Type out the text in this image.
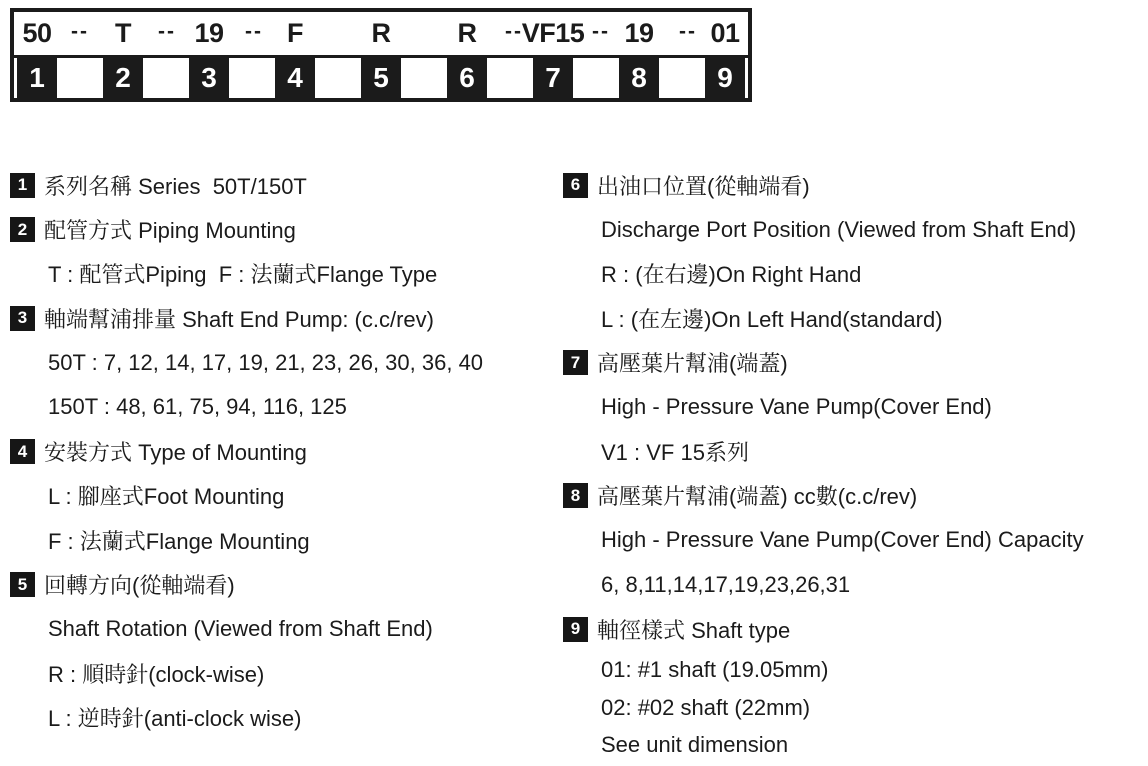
50	T	19	F	R	R	VF15 19 01
--	--	--	--	--	--
1	2	3	4	5	6	7	8	9
1 系列名稱 Series  50T/150T
2 配管方式 Piping Mounting
T : 配管式Piping  F : 法蘭式Flange Type
3 軸端幫浦排量 Shaft End Pump: (c.c/rev)
50T : 7, 12, 14, 17, 19, 21, 23, 26, 30, 36, 40
150T : 48, 61, 75, 94, 116, 125
4 安裝方式 Type of Mounting
L : 腳座式Foot Mounting
F : 法蘭式Flange Mounting
5 回轉方向(從軸端看)
Shaft Rotation (Viewed from Shaft End)
R : 順時針(clock-wise)
L : 逆時針(anti-clock wise)
6 出油口位置(從軸端看)
Discharge Port Position (Viewed from Shaft End)
R : (在右邊)On Right Hand
L : (在左邊)On Left Hand(standard)
7 高壓葉片幫浦(端蓋)
High - Pressure Vane Pump(Cover End)
V1 : VF 15系列
8 高壓葉片幫浦(端蓋) cc數(c.c/rev)
High - Pressure Vane Pump(Cover End) Capacity
6, 8,11,14,17,19,23,26,31
9 軸徑樣式 Shaft type
01: #1 shaft (19.05mm)
02: #02 shaft (22mm)
See unit dimension
